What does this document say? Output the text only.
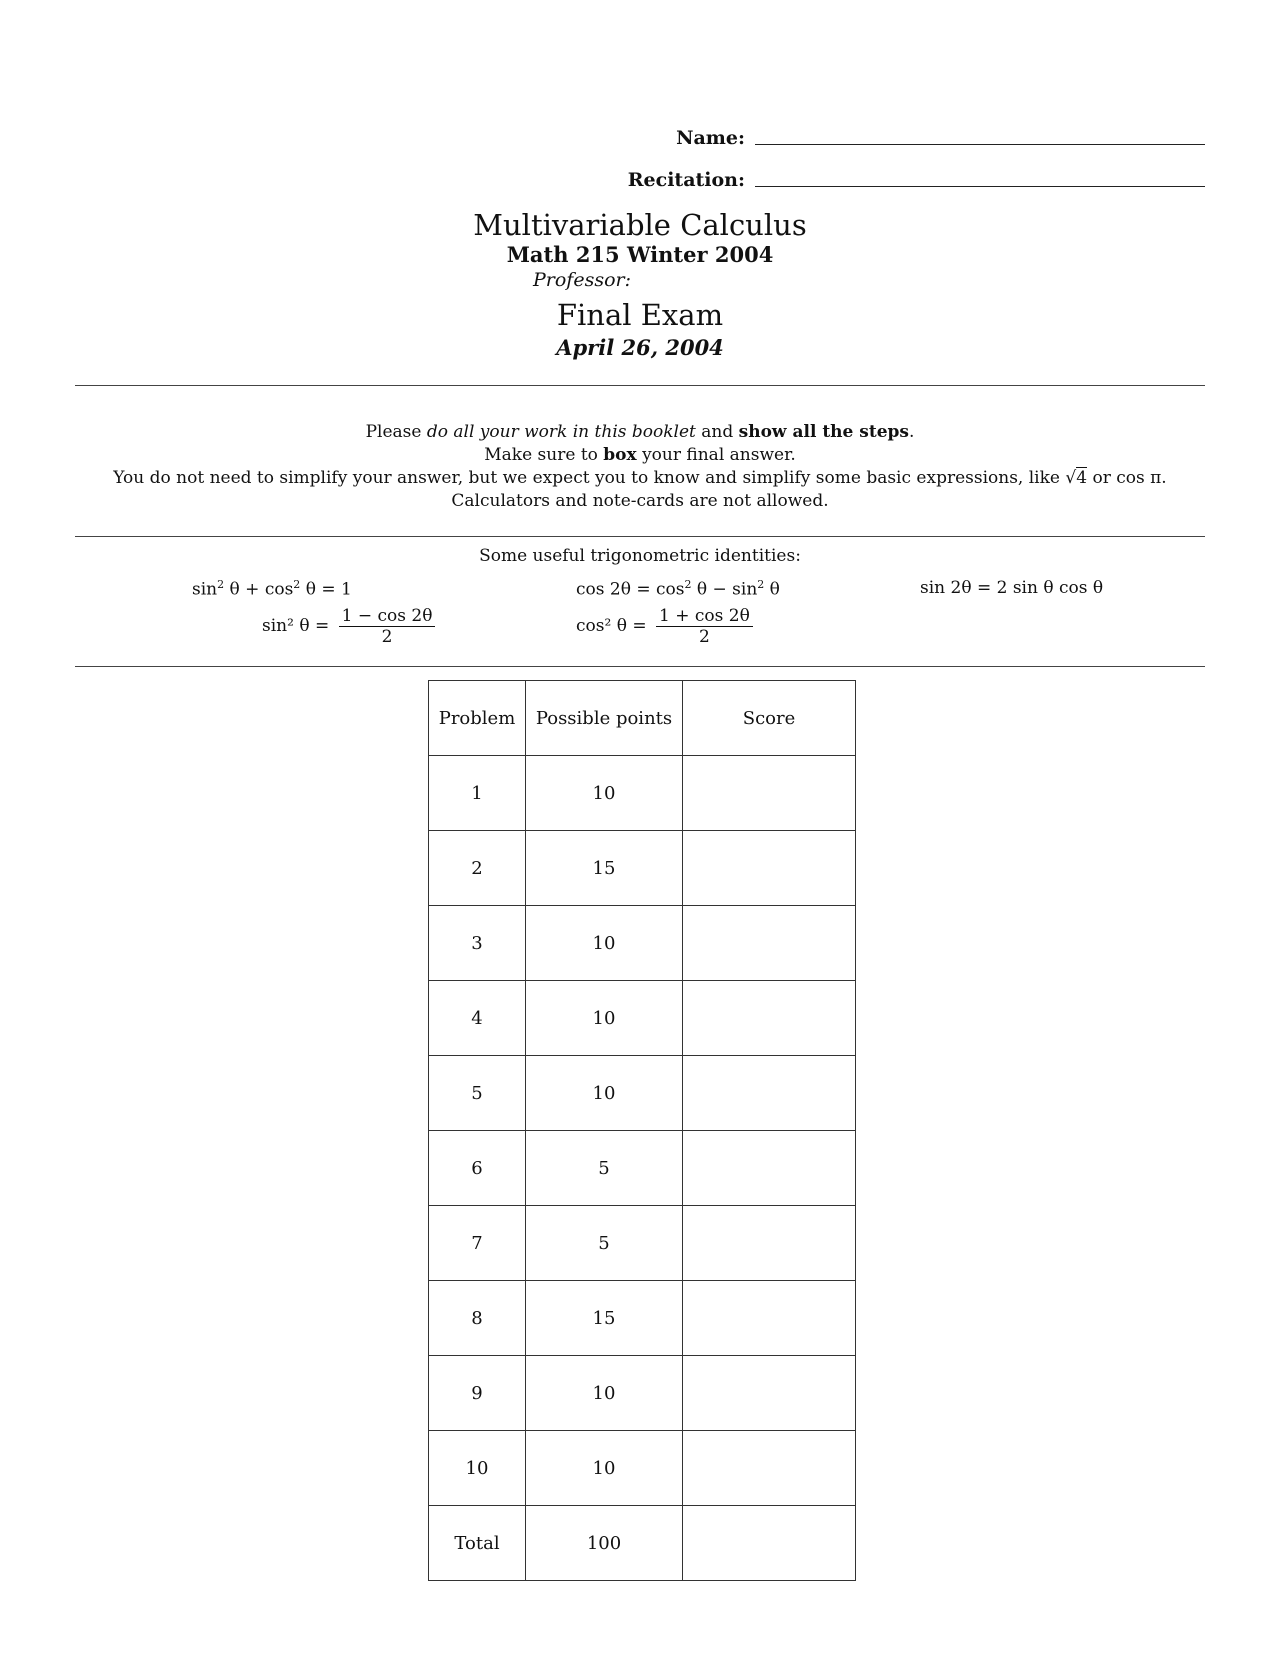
Name:
Recitation:
Multivariable Calculus
Math 215 Winter 2004
Professor:
Final Exam
April 26, 2004
Please do all your work in this booklet and show all the steps.
Make sure to box your final answer.
You do not need to simplify your answer, but we expect you to know and simplify some basic expressions, like √4 or cos π.
Calculators and note-cards are not allowed.
Some useful trigonometric identities:
$\sin^2 \theta + \cos^2 \theta = 1$	$\cos 2\theta = \cos^2 \theta - \sin^2 \theta$	sin 2θ = 2 sin θ cos θ
sin² $\theta = \frac{1 - \cos 2\theta}{2}$	cos² $\theta = \frac{1 + \cos 2\theta}{2}$
Problem	Possible points	Score
1	10	
2	15	
3	10	
4	10	
5	10	
6	5	
7	5	
8	15	
9	10	
10	10	
Total	100	
